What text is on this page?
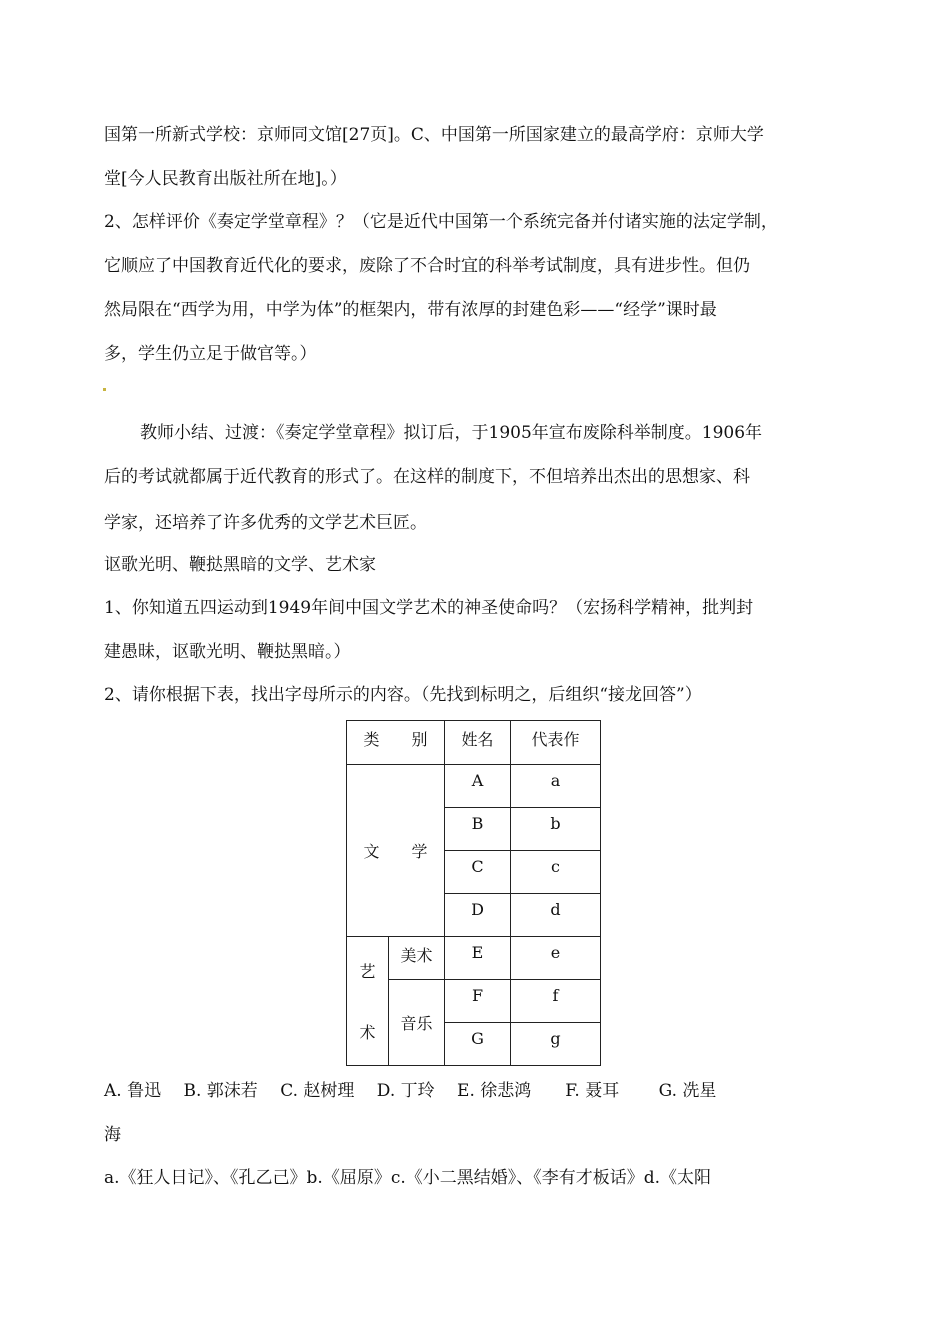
国第一所新式学校：京师同文馆[27页]。C、中国第一所国家建立的最高学府：京师大学
堂[今人民教育出版社所在地]。）
2、怎样评价《奏定学堂章程》？（它是近代中国第一个系统完备并付诸实施的法定学制，
它顺应了中国教育近代化的要求，废除了不合时宜的科举考试制度，具有进步性。但仍
然局限在“西学为用，中学为体”的框架内，带有浓厚的封建色彩——“经学”课时最
多，学生仍立足于做官等。）
教师小结、过渡：《奏定学堂章程》拟订后，于1905年宣布废除科举制度。1906年
后的考试就都属于近代教育的形式了。在这样的制度下，不但培养出杰出的思想家、科
学家，还培养了许多优秀的文学艺术巨匠。
讴歌光明、鞭挞黑暗的文学、艺术家
1、你知道五四运动到1949年间中国文学艺术的神圣使命吗？（宏扬科学精神，批判封
建愚昧，讴歌光明、鞭挞黑暗。）
2、请你根据下表，找出字母所示的内容。（先找到标明之，后组织“接龙回答”）
类　　别		姓名	代表作
文　　学		A	a
		B	b
		C	c
		D	d

艺
术	美术	E	e
	音乐	F	f
		G	g
A. 鲁迅　 B. 郭沫若　 C. 赵树理　 D. 丁玲　 E. 徐悲鸿　　F. 聂耳　　 G. 冼星
海
a.《狂人日记》、《孔乙己》b.《屈原》c.《小二黑结婚》、《李有才板话》d.《太阳
